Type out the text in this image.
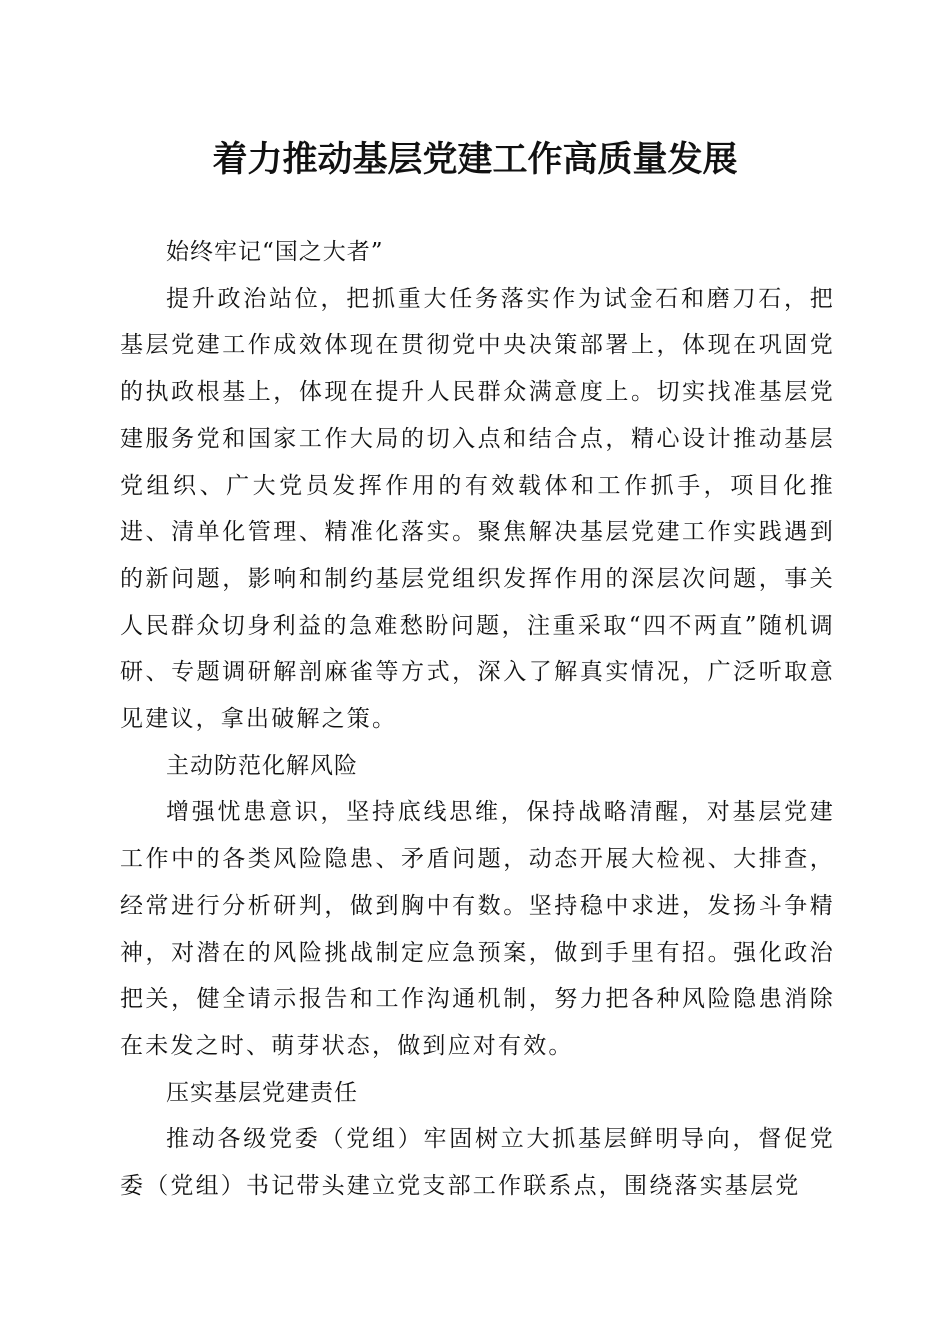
着力推动基层党建工作高质量发展

始终牢记“国之大者”

提升政治站位，把抓重大任务落实作为试金石和磨刀石，把基层党建工作成效体现在贯彻党中央决策部署上，体现在巩固党的执政根基上，体现在提升人民群众满意度上。切实找准基层党建服务党和国家工作大局的切入点和结合点，精心设计推动基层党组织、广大党员发挥作用的有效载体和工作抓手，项目化推进、清单化管理、精准化落实。聚焦解决基层党建工作实践遇到的新问题，影响和制约基层党组织发挥作用的深层次问题，事关人民群众切身利益的急难愁盼问题，注重采取“四不两直”随机调研、专题调研解剖麻雀等方式，深入了解真实情况，广泛听取意见建议，拿出破解之策。

主动防范化解风险

增强忧患意识，坚持底线思维，保持战略清醒，对基层党建工作中的各类风险隐患、矛盾问题，动态开展大检视、大排查，经常进行分析研判，做到胸中有数。坚持稳中求进，发扬斗争精神，对潜在的风险挑战制定应急预案，做到手里有招。强化政治把关，健全请示报告和工作沟通机制，努力把各种风险隐患消除在未发之时、萌芽状态，做到应对有效。

压实基层党建责任

推动各级党委（党组）牢固树立大抓基层鲜明导向，督促党委（党组）书记带头建立党支部工作联系点，围绕落实基层党
